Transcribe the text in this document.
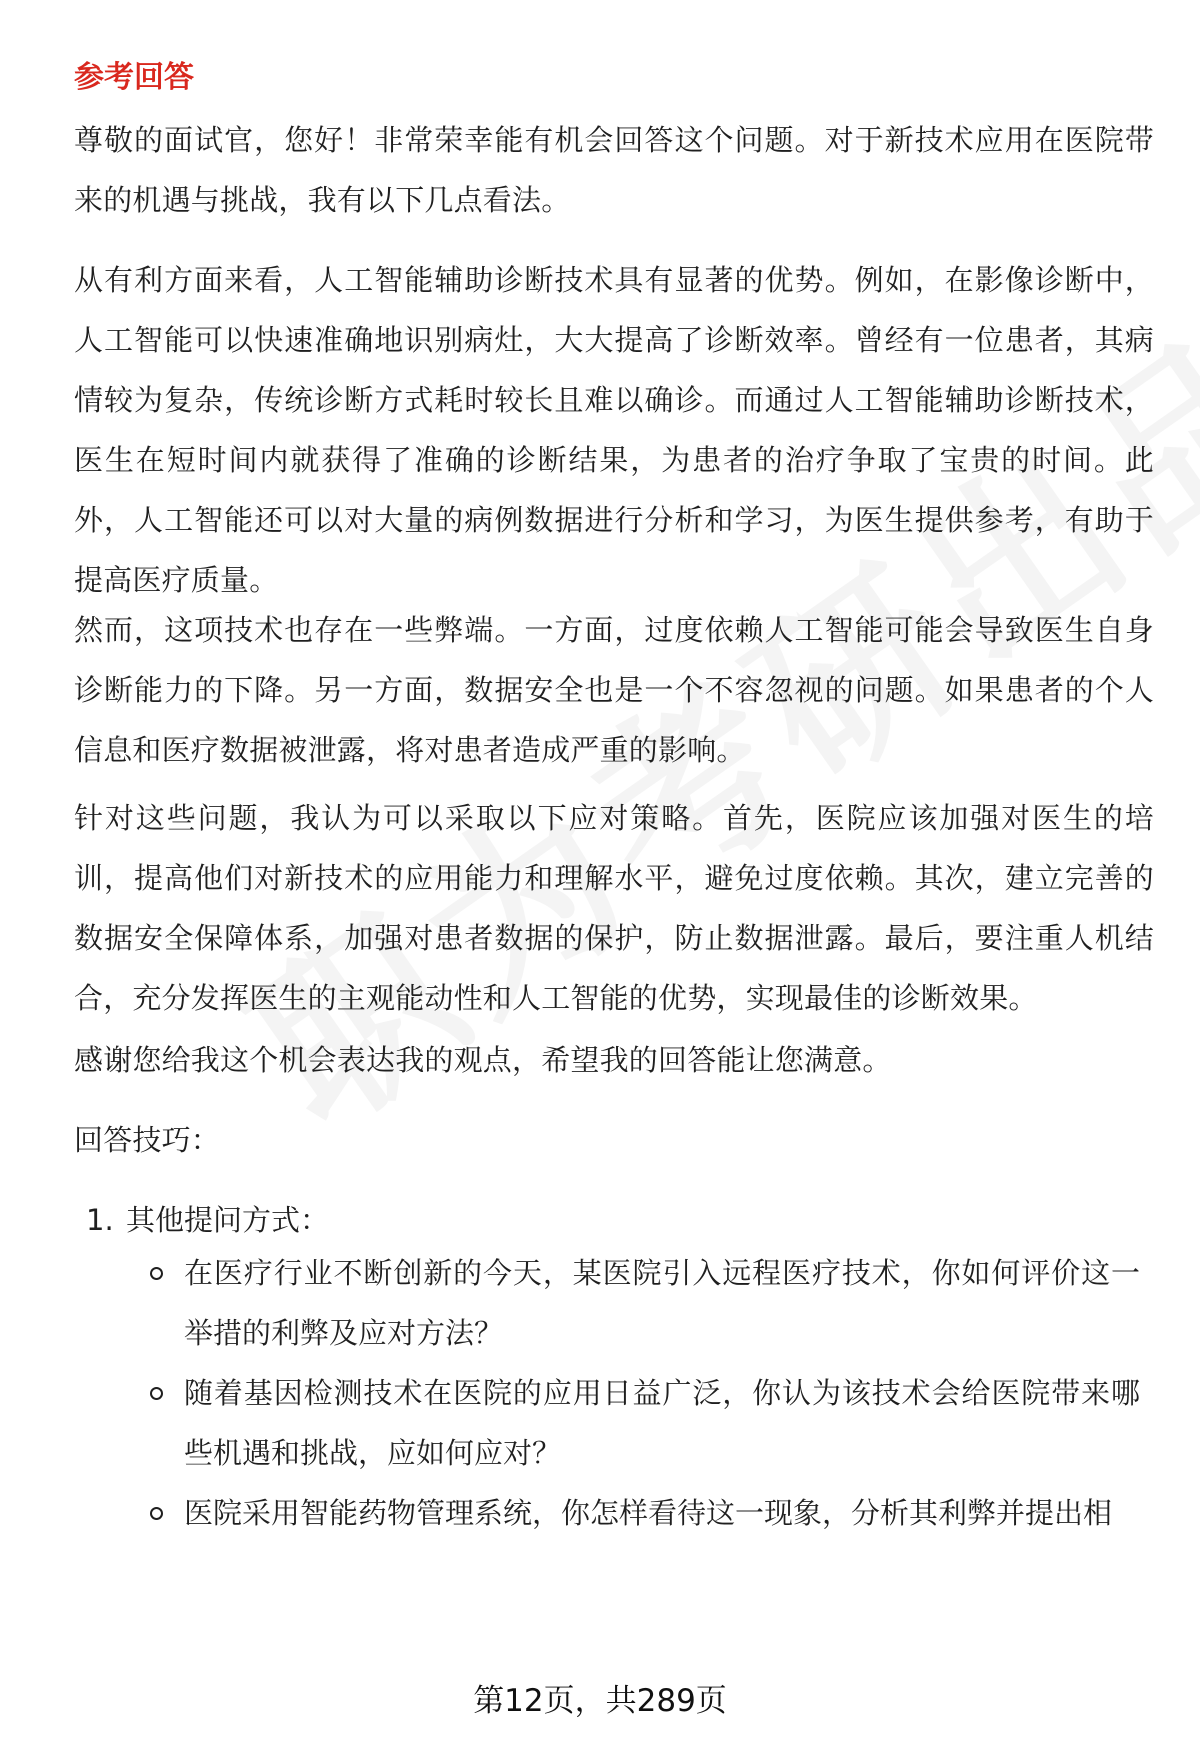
参考回答

尊敬的面试官，您好！非常荣幸能有机会回答这个问题。对于新技术应用在医院带来的机遇与挑战，我有以下几点看法。

从有利方面来看，人工智能辅助诊断技术具有显著的优势。例如，在影像诊断中，人工智能可以快速准确地识别病灶，大大提高了诊断效率。曾经有一位患者，其病情较为复杂，传统诊断方式耗时较长且难以确诊。而通过人工智能辅助诊断技术，医生在短时间内就获得了准确的诊断结果，为患者的治疗争取了宝贵的时间。此外，人工智能还可以对大量的病例数据进行分析和学习，为医生提供参考，有助于提高医疗质量。

然而，这项技术也存在一些弊端。一方面，过度依赖人工智能可能会导致医生自身诊断能力的下降。另一方面，数据安全也是一个不容忽视的问题。如果患者的个人信息和医疗数据被泄露，将对患者造成严重的影响。

针对这些问题，我认为可以采取以下应对策略。首先，医院应该加强对医生的培训，提高他们对新技术的应用能力和理解水平，避免过度依赖。其次，建立完善的数据安全保障体系，加强对患者数据的保护，防止数据泄露。最后，要注重人机结合，充分发挥医生的主观能动性和人工智能的优势，实现最佳的诊断效果。

感谢您给我这个机会表达我的观点，希望我的回答能让您满意。

回答技巧：

1. 其他提问方式：
在医疗行业不断创新的今天，某医院引入远程医疗技术，你如何评价这一举措的利弊及应对方法？
随着基因检测技术在医院的应用日益广泛，你认为该技术会给医院带来哪些机遇和挑战，应如何应对？
医院采用智能药物管理系统，你怎样看待这一现象，分析其利弊并提出相
第12页，共289页
